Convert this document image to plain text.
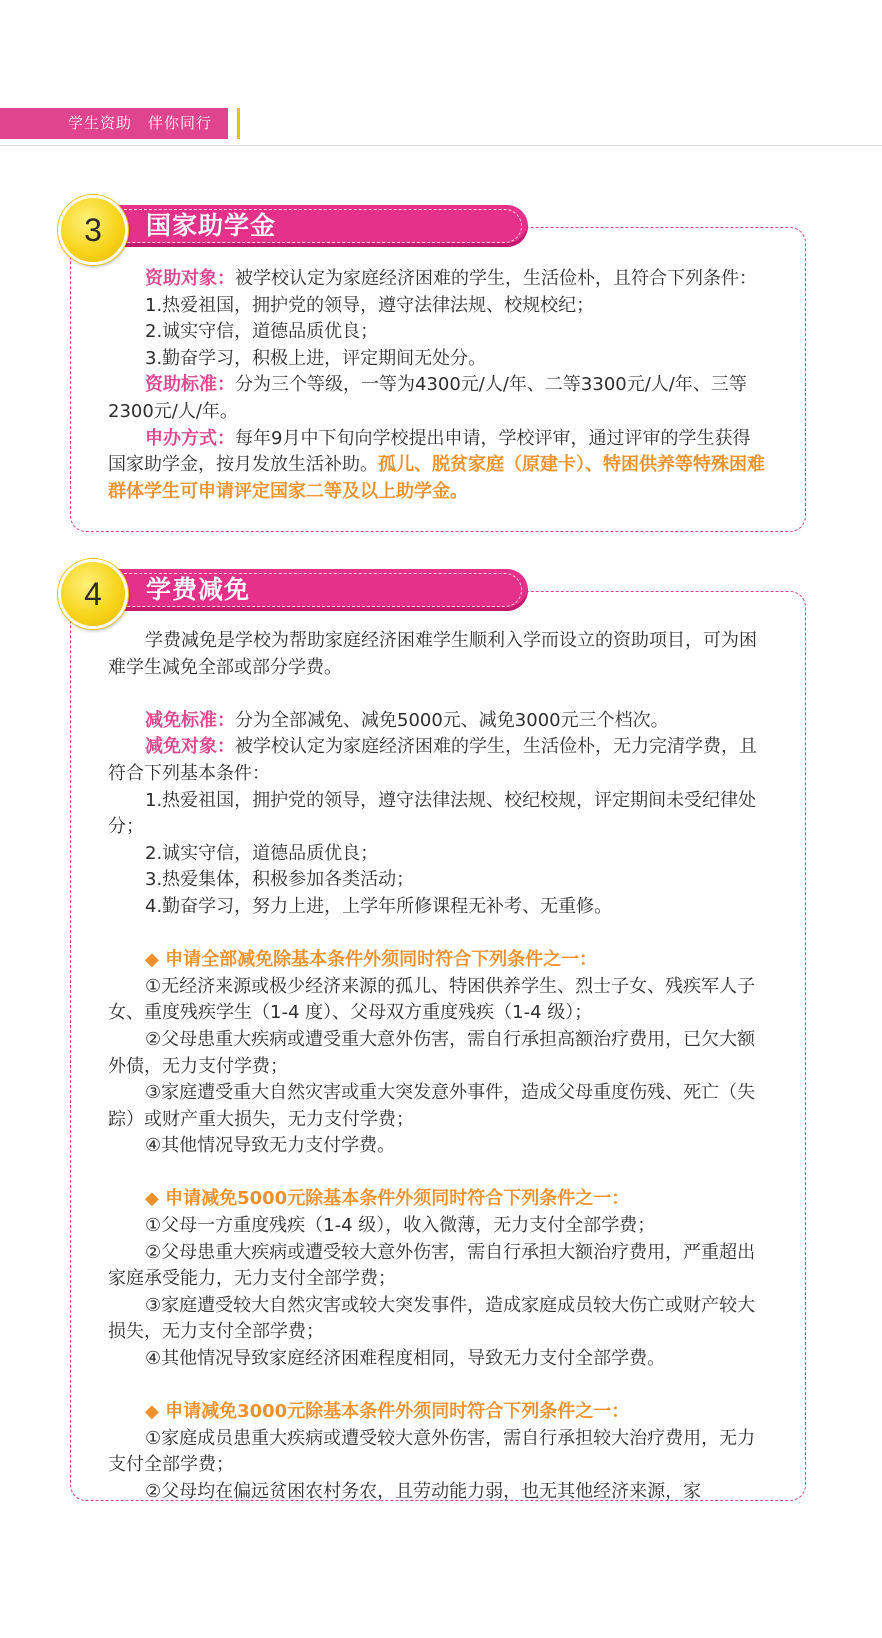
学生资助　伴你同行
国家助学金
3

资助对象：被学校认定为家庭经济困难的学生，生活俭朴，且符合下列条件：

1.热爱祖国，拥护党的领导，遵守法律法规、校规校纪；

2.诚实守信，道德品质优良；

3.勤奋学习，积极上进，评定期间无处分。

资助标准：分为三个等级，一等为4300元/人/年、二等3300元/人/年、三等2300元/人/年。

申办方式：每年9月中下旬向学校提出申请，学校评审，通过评审的学生获得国家助学金，按月发放生活补助。孤儿、脱贫家庭（原建卡）、特困供养等特殊困难群体学生可申请评定国家二等及以上助学金。

学费减免
4

学费减免是学校为帮助家庭经济困难学生顺利入学而设立的资助项目，可为困难学生减免全部或部分学费。

减免标准：分为全部减免、减免5000元、减免3000元三个档次。

减免对象：被学校认定为家庭经济困难的学生，生活俭朴，无力完清学费，且符合下列基本条件：

1.热爱祖国，拥护党的领导，遵守法律法规、校纪校规，评定期间未受纪律处分；

2.诚实守信，道德品质优良；

3.热爱集体，积极参加各类活动；

4.勤奋学习，努力上进，上学年所修课程无补考、无重修。

◆ 申请全部减免除基本条件外须同时符合下列条件之一：

①无经济来源或极少经济来源的孤儿、特困供养学生、烈士子女、残疾军人子女、重度残疾学生（1-4 度）、父母双方重度残疾（1-4 级）；

②父母患重大疾病或遭受重大意外伤害，需自行承担高额治疗费用，已欠大额外债，无力支付学费；

③家庭遭受重大自然灾害或重大突发意外事件，造成父母重度伤残、死亡（失踪）或财产重大损失，无力支付学费；

④其他情况导致无力支付学费。

◆ 申请减免5000元除基本条件外须同时符合下列条件之一：

①父母一方重度残疾（1-4 级），收入微薄，无力支付全部学费；

②父母患重大疾病或遭受较大意外伤害，需自行承担大额治疗费用，严重超出家庭承受能力，无力支付全部学费；

③家庭遭受较大自然灾害或较大突发事件，造成家庭成员较大伤亡或财产较大损失，无力支付全部学费；

④其他情况导致家庭经济困难程度相同，导致无力支付全部学费。

◆ 申请减免3000元除基本条件外须同时符合下列条件之一：

①家庭成员患重大疾病或遭受较大意外伤害，需自行承担较大治疗费用，无力支付全部学费；

②父母均在偏远贫困农村务农，且劳动能力弱，也无其他经济来源，家
